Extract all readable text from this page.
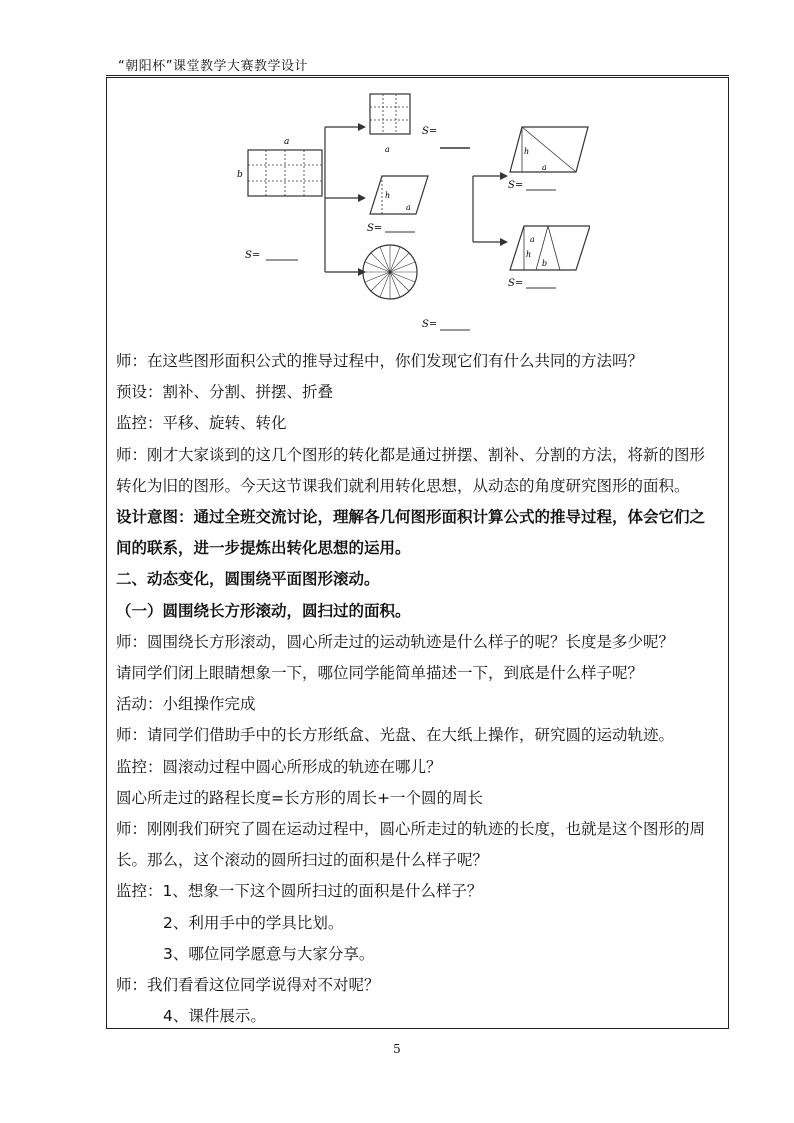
“朝阳杯”课堂教学大赛教学设计
a
b
S=
a
S=
h
a
S=
S=
h
a
S=
a
h
b
S=

师：在这些图形面积公式的推导过程中，你们发现它们有什么共同的方法吗？

预设：割补、分割、拼摆、折叠

监控：平移、旋转、转化

师：刚才大家谈到的这几个图形的转化都是通过拼摆、割补、分割的方法，将新的图形

转化为旧的图形。今天这节课我们就利用转化思想，从动态的角度研究图形的面积。

设计意图：通过全班交流讨论，理解各几何图形面积计算公式的推导过程，体会它们之

间的联系，进一步提炼出转化思想的运用。

二、动态变化，圆围绕平面图形滚动。

（一）圆围绕长方形滚动，圆扫过的面积。

师：圆围绕长方形滚动，圆心所走过的运动轨迹是什么样子的呢？长度是多少呢？

请同学们闭上眼睛想象一下，哪位同学能简单描述一下，到底是什么样子呢？

活动：小组操作完成

师：请同学们借助手中的长方形纸盒、光盘、在大纸上操作，研究圆的运动轨迹。

监控：圆滚动过程中圆心所形成的轨迹在哪儿？

圆心所走过的路程长度=长方形的周长+一个圆的周长

师：刚刚我们研究了圆在运动过程中，圆心所走过的轨迹的长度，也就是这个图形的周

长。那么，这个滚动的圆所扫过的面积是什么样子呢？

监控：1、想象一下这个圆所扫过的面积是什么样子？

2、利用手中的学具比划。

3、哪位同学愿意与大家分享。

师：我们看看这位同学说得对不对呢？

4、课件展示。

5
